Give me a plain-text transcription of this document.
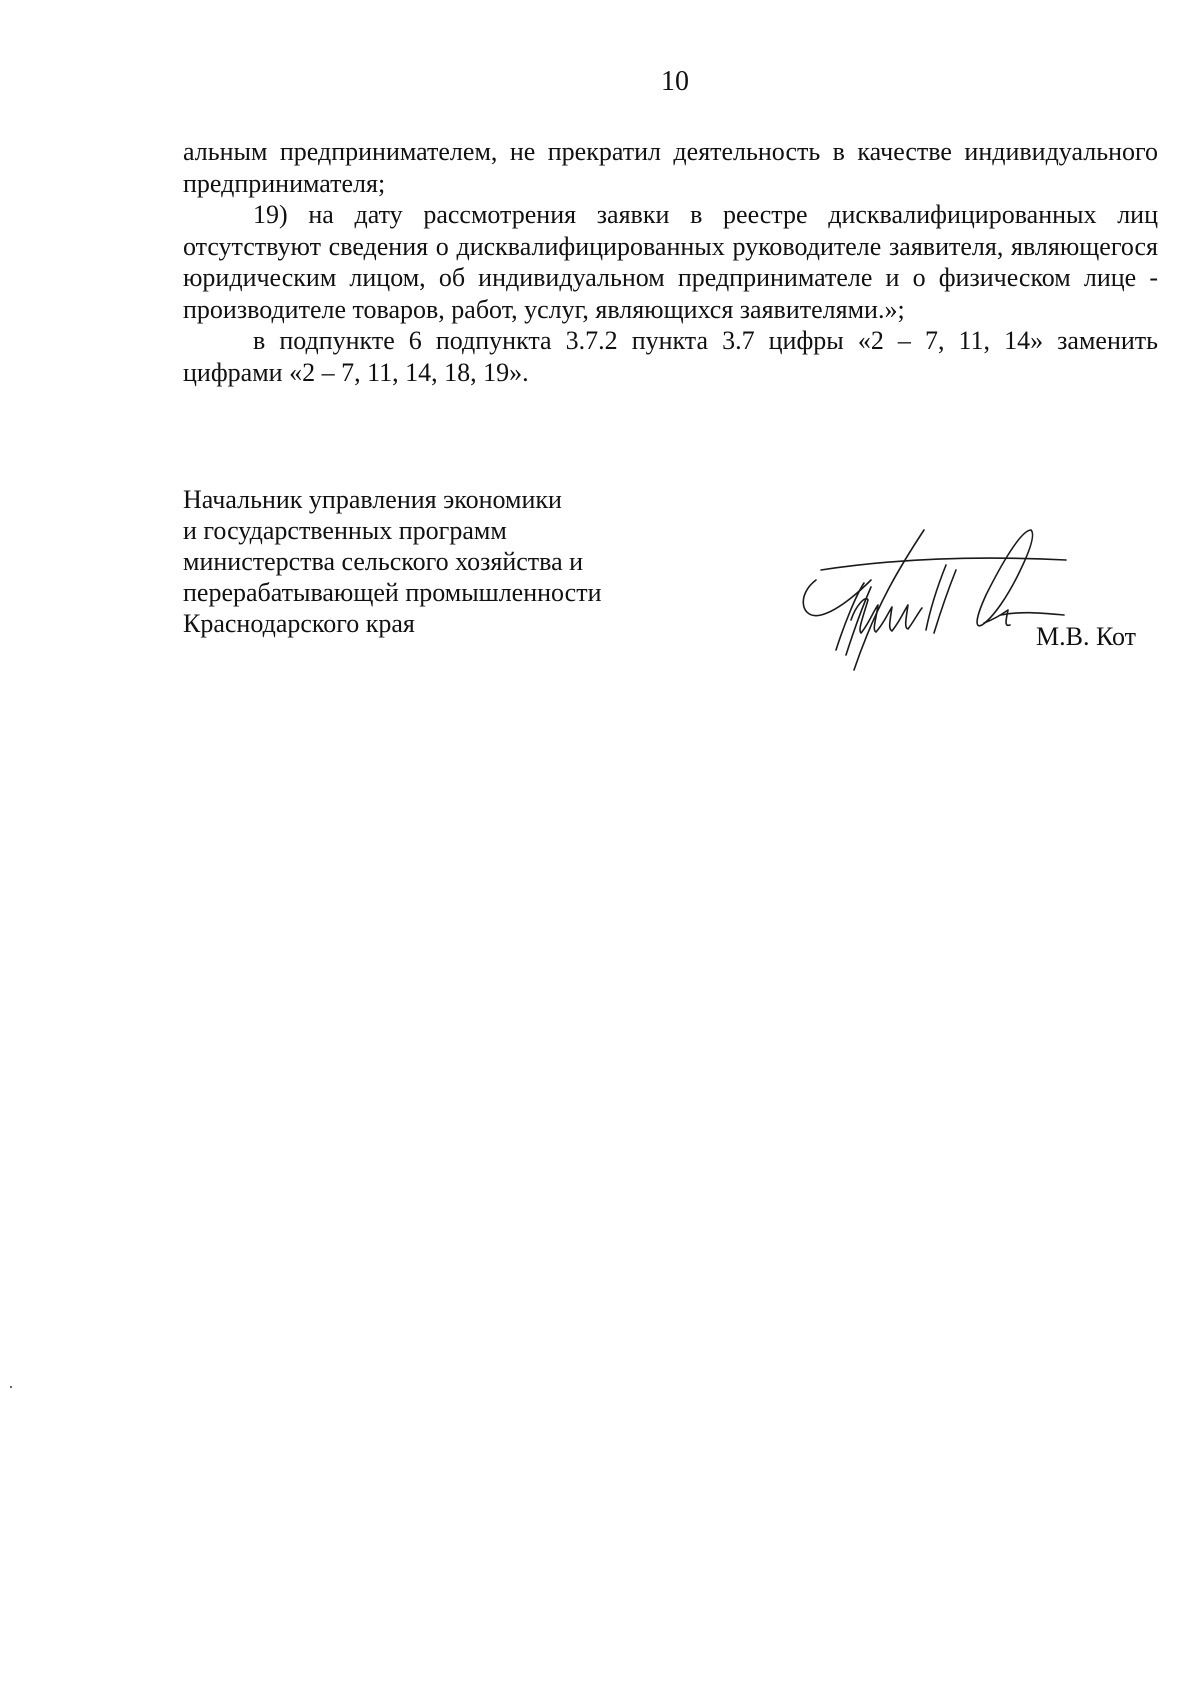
10

альным предпринимателем, не прекратил деятельность в качестве индивидуального предпринимателя;

19) на дату рассмотрения заявки в реестре дисквалифицированных лиц отсутствуют сведения о дисквалифицированных руководителе заявителя, являющегося юридическим лицом, об индивидуальном предпринимателе и о физическом лице - производителе товаров, работ, услуг, являющихся заявителями.»;

в подпункте 6 подпункта 3.7.2 пункта 3.7 цифры «2 – 7, 11, 14» заменить цифрами «2 – 7, 11, 14, 18, 19».

Начальник управления экономики
и государственных программ
министерства сельского хозяйства и
перерабатывающей промышленности
Краснодарского края	М.В. Кот
